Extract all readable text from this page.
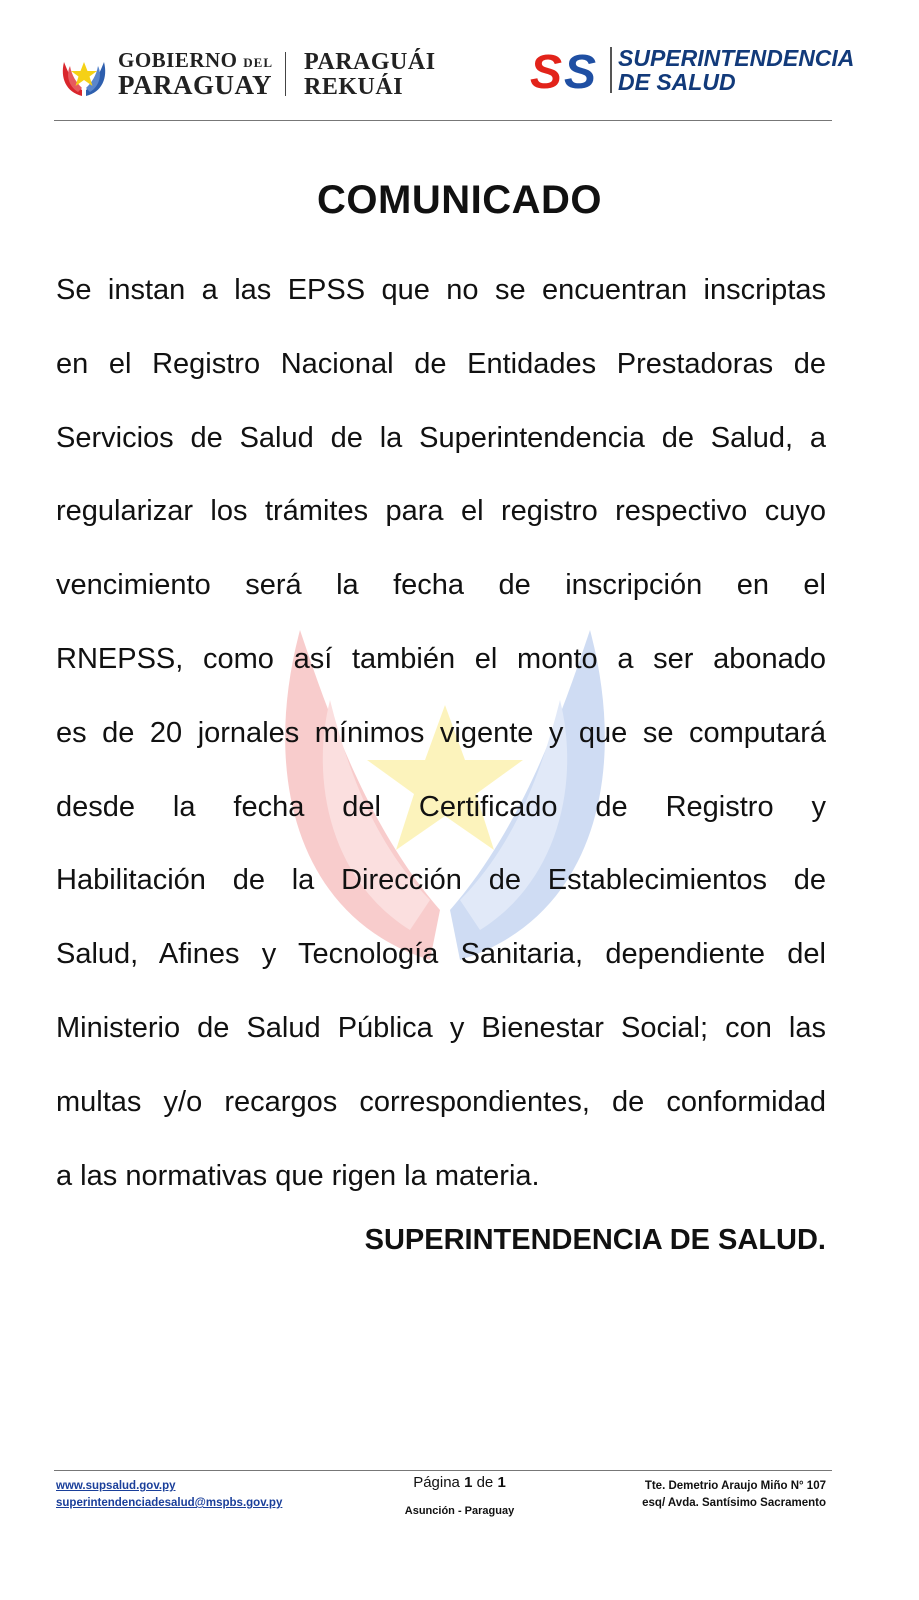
GOBIERNO DEL
PARAGUAY
PARAGUÁI
REKUÁI	S S SUPERINTENDENCIA
DE SALUD
COMUNICADO
Se instan a las EPSS que no se encuentran inscriptas
en el Registro Nacional de Entidades Prestadoras de
Servicios de Salud de la Superintendencia de Salud, a
regularizar los trámites para el registro respectivo cuyo
vencimiento será la fecha de inscripción en el
RNEPSS, como así también el monto a ser abonado
es de 20 jornales mínimos vigente y que se computará
desde la fecha del Certificado de Registro y
Habilitación de la Dirección de Establecimientos de
Salud, Afines y Tecnología Sanitaria, dependiente del
Ministerio de Salud Pública y Bienestar Social; con las
multas y/o recargos correspondientes, de conformidad
a las normativas que rigen la materia.
SUPERINTENDENCIA DE SALUD.
www.supsalud.gov.py
superintendenciadesalud@mspbs.gov.py
Página 1 de 1
Asunción - Paraguay
Tte. Demetrio Araujo Miño N° 107
esq/ Avda. Santísimo Sacramento
